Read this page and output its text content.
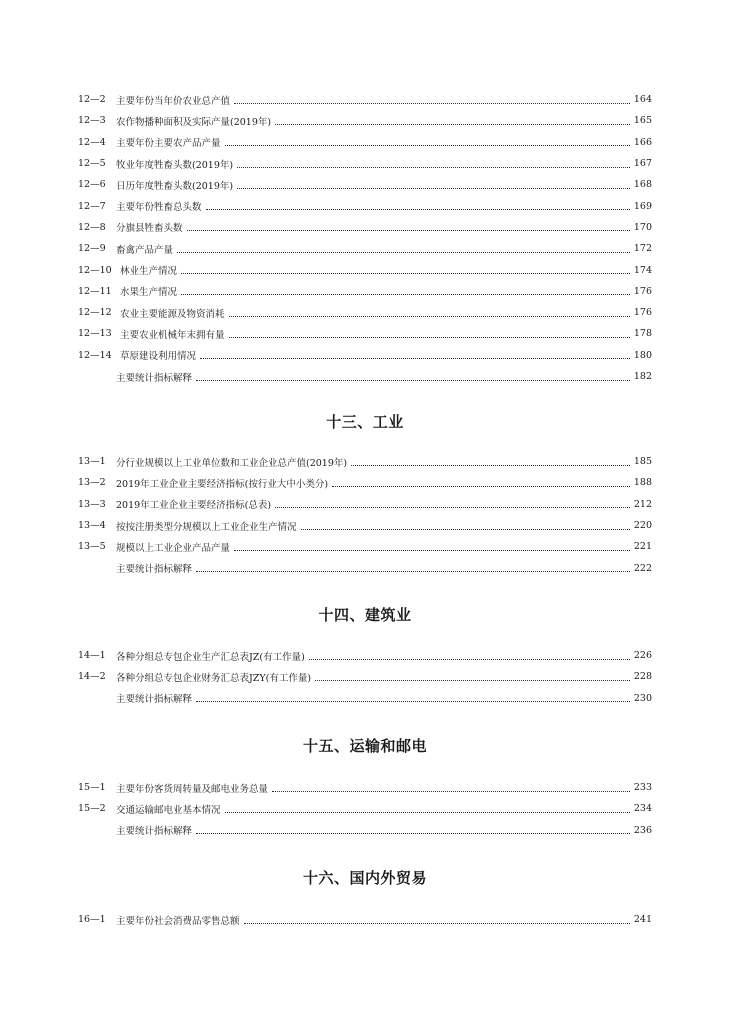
12—2	主要年份当年价农业总产值	164
12—3	农作物播种面积及实际产量(2019年)	165
12—4	主要年份主要农产品产量	166
12—5	牧业年度牲畜头数(2019年)	167
12—6	日历年度牲畜头数(2019年)	168
12—7	主要年份牲畜总头数	169
12—8	分旗县牲畜头数	170
12—9	畜禽产品产量	172
12—10 林业生产情况	174
12—11 水果生产情况	176
12—12 农业主要能源及物资消耗	176
12—13 主要农业机械年末拥有量	178
12—14 草原建设利用情况	180
主要统计指标解释	182
十三、工业
13—1	分行业规模以上工业单位数和工业企业总产值(2019年)	185
13—2	2019年工业企业主要经济指标(按行业大中小类分)	188
13—3	2019年工业企业主要经济指标(总表)	212
13—4	按按注册类型分规模以上工业企业生产情况	220
13—5	规模以上工业企业产品产量	221
主要统计指标解释	222
十四、建筑业
14—1	各种分组总专包企业生产汇总表JZ(有工作量)	226
14—2	各种分组总专包企业财务汇总表JZY(有工作量)	228
主要统计指标解释	230
十五、运输和邮电
15—1	主要年份客货周转量及邮电业务总量	233
15—2	交通运输邮电业基本情况	234
主要统计指标解释	236
十六、国内外贸易
16—1	主要年份社会消费品零售总额	241
